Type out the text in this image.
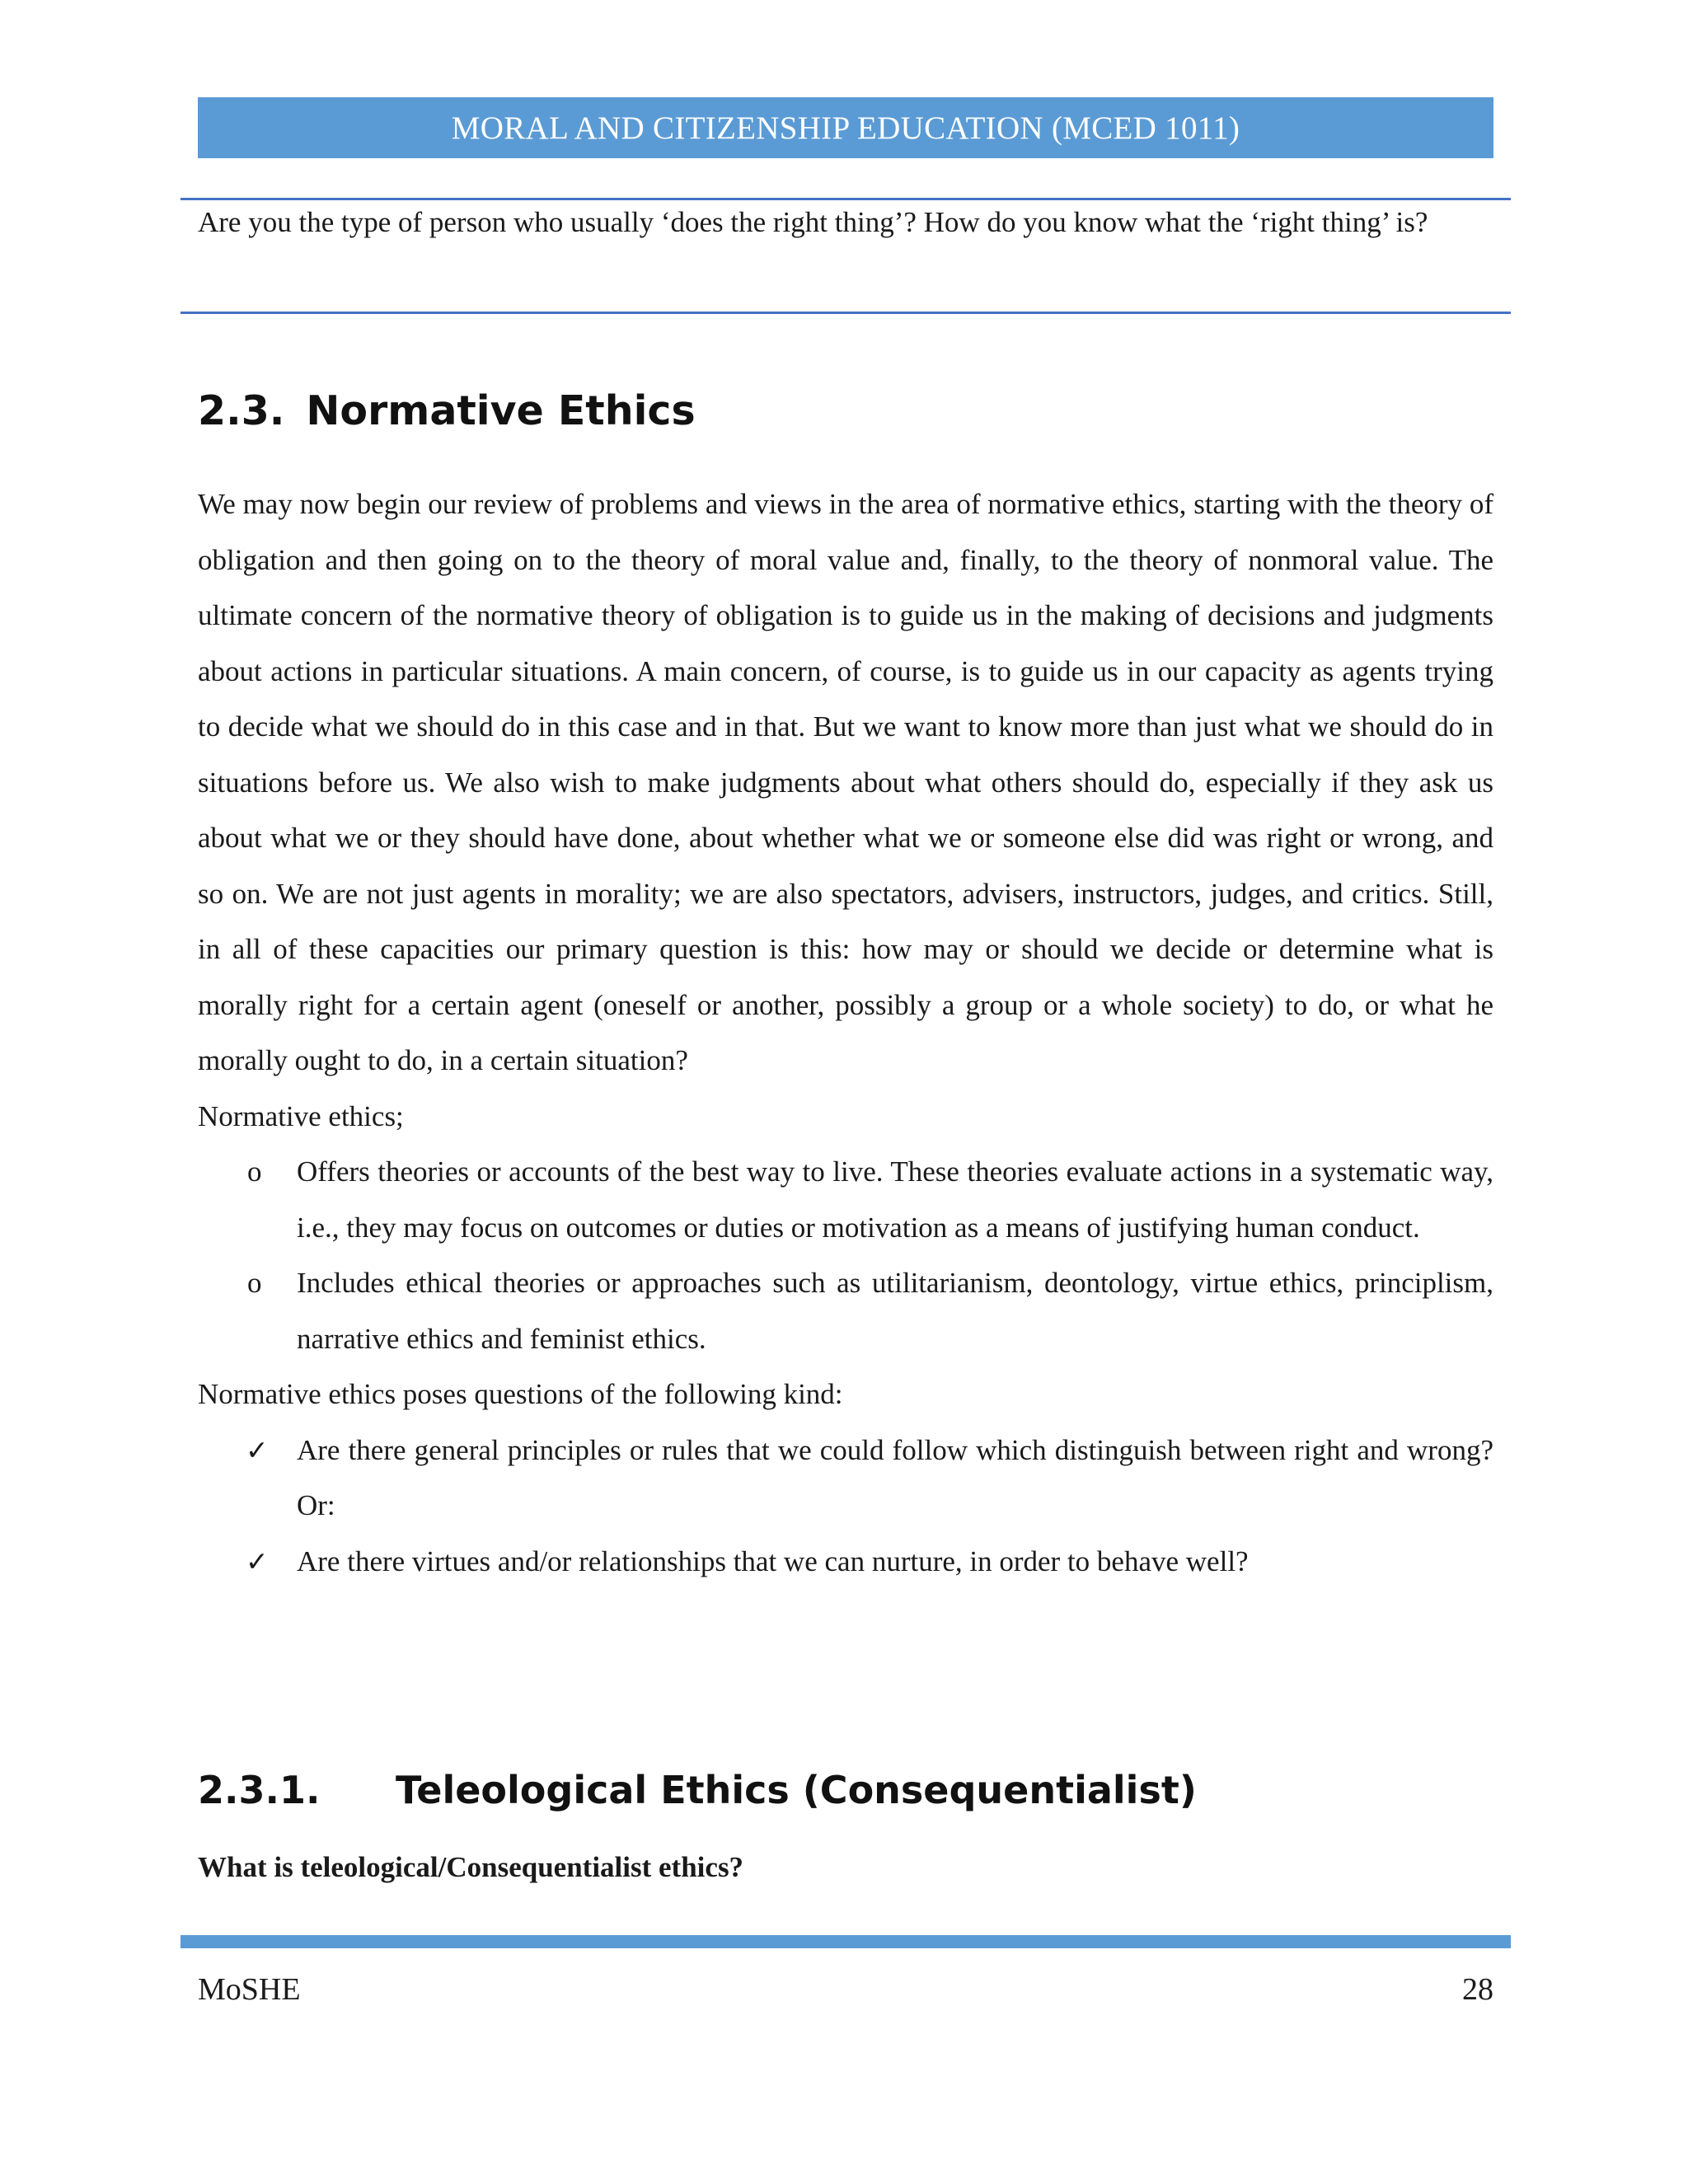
MORAL AND CITIZENSHIP EDUCATION (MCED 1011)
Are you the type of person who usually ‘does the right thing’? How do you know what the ‘right thing’ is?
2.3. Normative Ethics

We may now begin our review of problems and views in the area of normative ethics, starting with the theory of obligation and then going on to the theory of moral value and, finally, to the theory of nonmoral value. The ultimate concern of the normative theory of obligation is to guide us in the making of decisions and judgments about actions in particular situations. A main concern, of course, is to guide us in our capacity as agents trying to decide what we should do in this case and in that. But we want to know more than just what we should do in situations before us. We also wish to make judgments about what others should do, especially if they ask us about what we or they should have done, about whether what we or someone else did was right or wrong, and so on. We are not just agents in morality; we are also spectators, advisers, instructors, judges, and critics. Still, in all of these capacities our primary question is this: how may or should we decide or determine what is morally right for a certain agent (oneself or another, possibly a group or a whole society) to do, or what he morally ought to do, in a certain situation?

Normative ethics;

o Offers theories or accounts of the best way to live. These theories evaluate actions in a systematic way, i.e., they may focus on outcomes or duties or motivation as a means of justifying human conduct.
o Includes ethical theories or approaches such as utilitarianism, deontology, virtue ethics, principlism, narrative ethics and feminist ethics.

Normative ethics poses questions of the following kind:

✓ Are there general principles or rules that we could follow which distinguish between right and wrong? Or:
✓ Are there virtues and/or relationships that we can nurture, in order to behave well?
2.3.1. Teleological Ethics (Consequentialist)
What is teleological/Consequentialist ethics?
MoSHE	28
